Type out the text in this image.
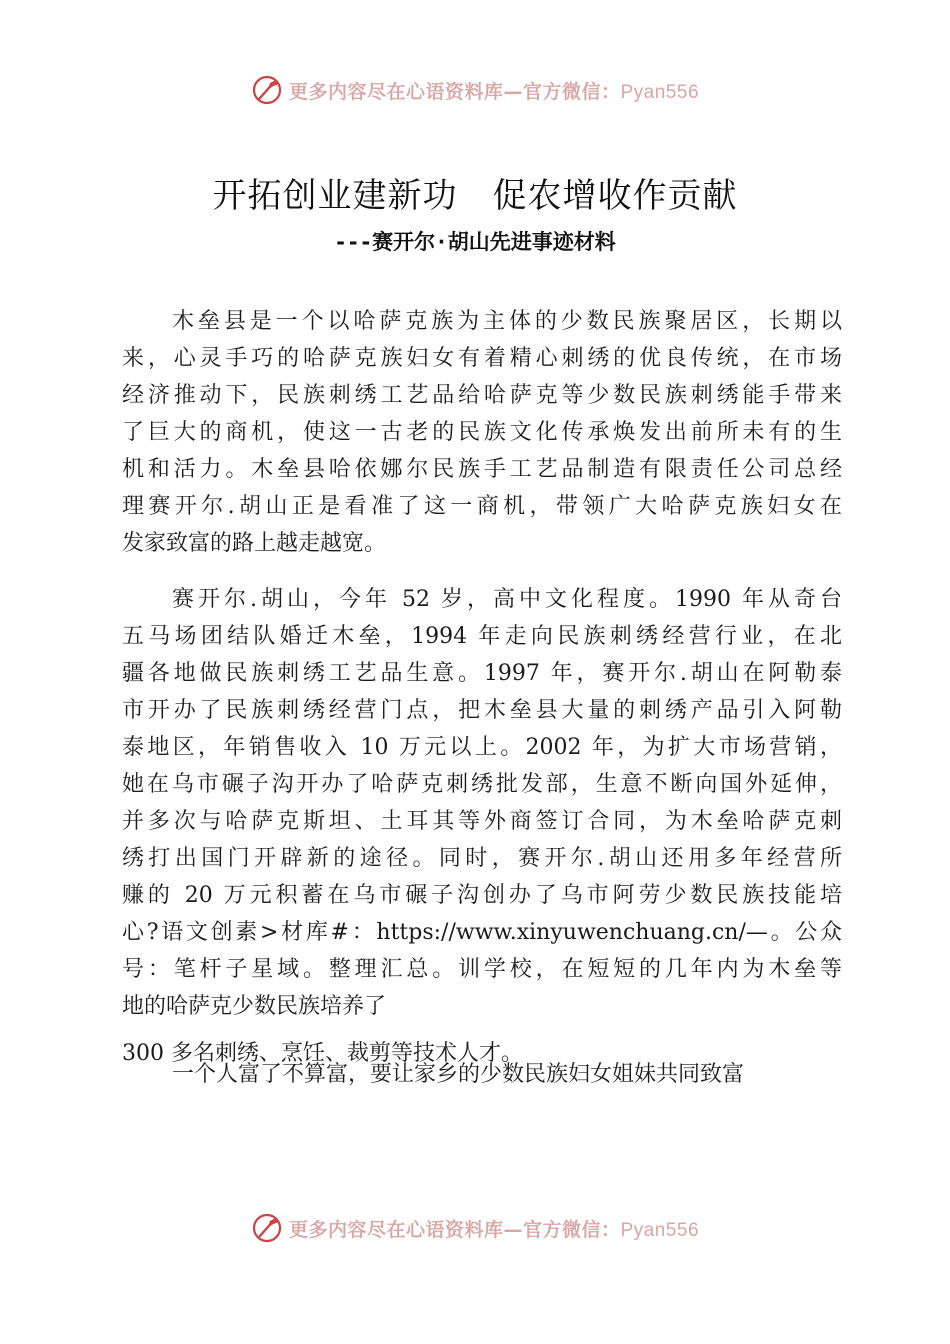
更多内容尽在心语资料库—官方微信：Pyan556
开拓创业建新功　促农增收作贡献
---赛开尔·胡山先进事迹材料
木垒县是一个以哈萨克族为主体的少数民族聚居区，长期以
来，心灵手巧的哈萨克族妇女有着精心刺绣的优良传统，在市场
经济推动下，民族刺绣工艺品给哈萨克等少数民族刺绣能手带来
了巨大的商机，使这一古老的民族文化传承焕发出前所未有的生
机和活力。木垒县哈依娜尔民族手工艺品制造有限责任公司总经
理赛开尔.胡山正是看准了这一商机，带领广大哈萨克族妇女在
发家致富的路上越走越宽。
赛开尔.胡山，今年 52 岁，高中文化程度。1990 年从奇台
五马场团结队婚迁木垒，1994 年走向民族刺绣经营行业，在北
疆各地做民族刺绣工艺品生意。1997 年，赛开尔.胡山在阿勒泰
市开办了民族刺绣经营门点，把木垒县大量的刺绣产品引入阿勒
泰地区，年销售收入 10 万元以上。2002 年，为扩大市场营销，
她在乌市碾子沟开办了哈萨克刺绣批发部，生意不断向国外延伸，
并多次与哈萨克斯坦、土耳其等外商签订合同，为木垒哈萨克刺
绣打出国门开辟新的途径。同时，赛开尔.胡山还用多年经营所
赚的 20 万元积蓄在乌市碾子沟创办了乌市阿劳少数民族技能培
心?语文创素>材库#：https://www.xinyuwenchuang.cn/—。公众
号：笔杆子星域。整理汇总。训学校，在短短的几年内为木垒等
地的哈萨克少数民族培养了
300 多名刺绣、烹饪、裁剪等技术人才。
一个人富了不算富，要让家乡的少数民族妇女姐妹共同致富
更多内容尽在心语资料库—官方微信：Pyan556
